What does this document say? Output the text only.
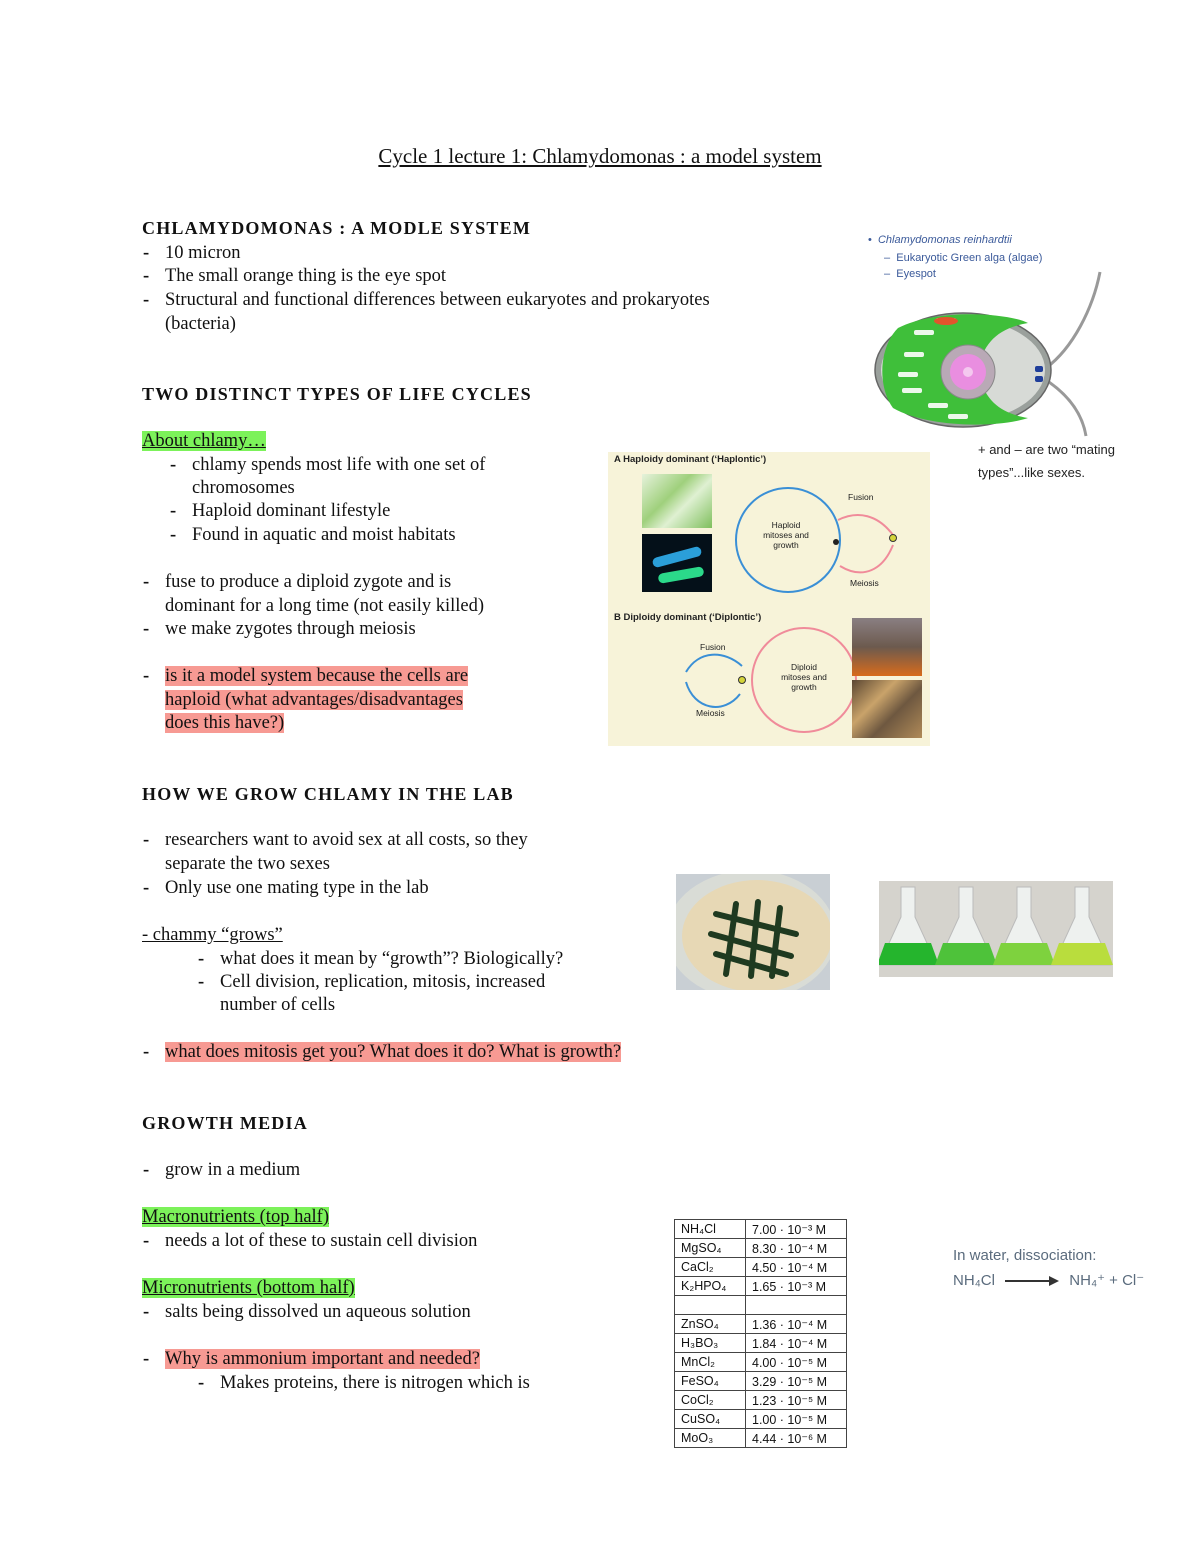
Cycle 1 lecture 1: Chlamydomonas : a model system
CHLAMYDOMONAS : A MODLE SYSTEM
- 10 micron
- The small orange thing is the eye spot
- Structural and functional differences between eukaryotes and prokaryotes
(bacteria)
TWO DISTINCT TYPES OF LIFE CYCLES
About chlamy…
- chlamy spends most life with one set of
chromosomes
- Haploid dominant lifestyle
- Found in aquatic and moist habitats
- fuse to produce a diploid zygote and is
dominant for a long time (not easily killed)
- we make zygotes through meiosis
- is it a model system because the cells are
haploid (what advantages/disadvantages
does this have?)
HOW WE GROW CHLAMY IN THE LAB
- researchers want to avoid sex at all costs, so they
separate the two sexes
- Only use one mating type in the lab
- chammy “grows”
- what does it mean by “growth”? Biologically?
- Cell division, replication, mitosis, increased
number of cells
- what does mitosis get you? What does it do? What is growth?
GROWTH MEDIA
- grow in a medium
Macronutrients (top half)
- needs a lot of these to sustain cell division
Micronutrients (bottom half)
- salts being dissolved un aqueous solution
- Why is ammonium important and needed?
- Makes proteins, there is nitrogen which is
•  Chlamydomonas reinhardtii
–  Eukaryotic Green alga (algae)
–  Eyespot
+ and – are two “mating
types”...like sexes.
A Haploidy dominant (‘Haplontic’)
Haploid
mitoses and
growth
Fusion
Meiosis
B Diploidy dominant (‘Diplontic’)
Fusion
Meiosis
Diploid
mitoses and
growth
NH₄Cl	7.00 · 10⁻³ M
MgSO₄	8.30 · 10⁻⁴ M
CaCl₂	4.50 · 10⁻⁴ M
K₂HPO₄	1.65 · 10⁻³ M

ZnSO₄	1.36 · 10⁻⁴ M
H₃BO₃	1.84 · 10⁻⁴ M
MnCl₂	4.00 · 10⁻⁵ M
FeSO₄	3.29 · 10⁻⁵ M
CoCl₂	1.23 · 10⁻⁵ M
CuSO₄	1.00 · 10⁻⁵ M
MoO₃	4.44 · 10⁻⁶ M
In water, dissociation:
NH₄Cl	NH₄⁺ + Cl⁻
